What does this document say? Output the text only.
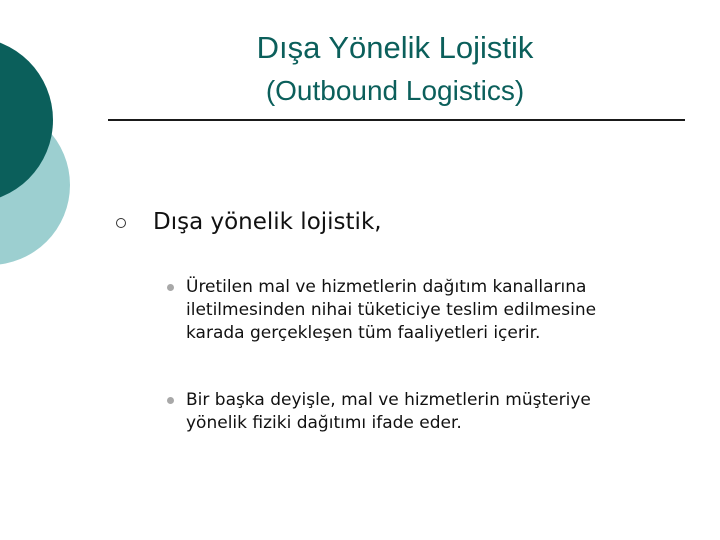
Dışa Yönelik Lojistik
(Outbound Logistics)
Dışa yönelik lojistik,
Üretilen mal ve hizmetlerin dağıtım kanallarına
iletilmesinden nihai tüketiciye teslim edilmesine
karada gerçekleşen tüm faaliyetleri içerir.
Bir başka deyişle, mal ve hizmetlerin müşteriye
yönelik fiziki dağıtımı ifade eder.
